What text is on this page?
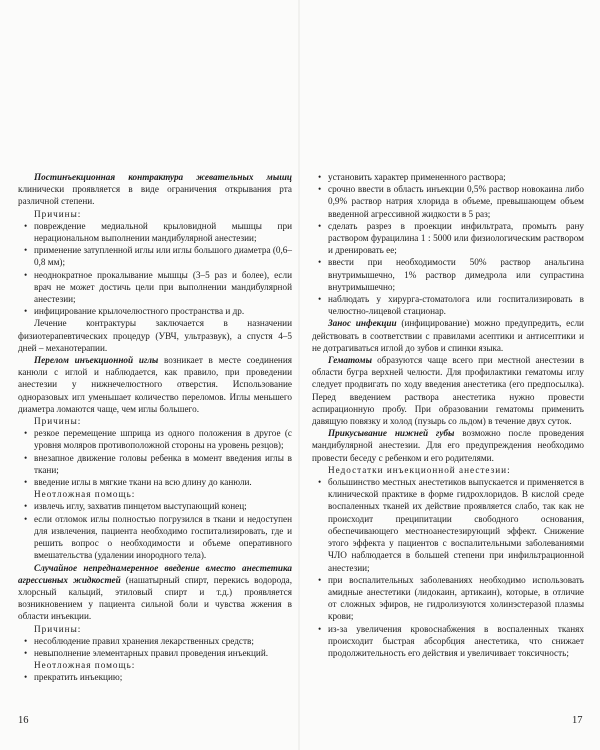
Постинъекционная контрактура жевательных мышц клинически проявляется в виде ограничения открывания рта различной степени.

Причины:

• повреждение медиальной крыловидной мышцы при нерациональном выполнении мандибулярной анестезии;

• применение затупленной иглы или иглы большого диаметра (0,6–0,8 мм);

• неоднократное прокалывание мышцы (3–5 раз и более), если врач не может достичь цели при выполнении мандибулярной анестезии;

• инфицирование крылочелюстного пространства и др.

Лечение контрактуры заключается в назначении физиотерапевтических процедур (УВЧ, ультразвук), а спустя 4–5 дней – механотерапии.

Перелом инъекционной иглы возникает в месте соединения канюли с иглой и наблюдается, как правило, при проведении анестезии у нижнечелюстного отверстия. Использование одноразовых игл уменьшает количество переломов. Иглы меньшего диаметра ломаются чаще, чем иглы большего.

Причины:

• резкое перемещение шприца из одного положения в другое (с уровня моляров противоположной стороны на уровень резцов);

• внезапное движение головы ребенка в момент введения иглы в ткани;

• введение иглы в мягкие ткани на всю длину до канюли.

Неотложная помощь:

• извлечь иглу, захватив пинцетом выступающий конец;

• если отломок иглы полностью погрузился в ткани и недоступен для извлечения, пациента необходимо госпитализировать, где и решить вопрос о необходимости и объеме оперативного вмешательства (удалении инородного тела).

Случайное непреднамеренное введение вместо анестетика агрессивных жидкостей (нашатырный спирт, перекись водорода, хлорсный кальций, этиловый спирт и т.д.) проявляется возникновением у пациента сильной боли и чувства жжения в области инъекции.

Причины:

• несоблюдение правил хранения лекарственных средств;

• невыполнение элементарных правил проведения инъекций.

Неотложная помощь:

• прекратить инъекцию;

• установить характер примененного раствора;

• срочно ввести в область инъекции 0,5% раствор новокаина либо 0,9% раствор натрия хлорида в объеме, превышающем объем введенной агрессивной жидкости в 5 раз;

• сделать разрез в проекции инфильтрата, промыть рану раствором фурацилина 1 : 5000 или физиологическим раствором и дренировать ее;

• ввести при необходимости 50% раствор анальгина внутримышечно, 1% раствор димедрола или супрастина внутримышечно;

• наблюдать у хирурга-стоматолога или госпитализировать в челюстно-лицевой стационар.

Занос инфекции (инфицирование) можно предупредить, если действовать в соответствии с правилами асептики и антисептики и не дотрагиваться иглой до зубов и спинки языка.

Гематомы образуются чаще всего при местной анестезии в области бугра верхней челюсти. Для профилактики гематомы иглу следует продвигать по ходу введения анестетика (его предпосылка). Перед введением раствора анестетика нужно провести аспирационную пробу. При образовании гематомы применить давящую повязку и холод (пузырь со льдом) в течение двух суток.

Прикусывание нижней губы возможно после проведения мандибулярной анестезии. Для его предупреждения необходимо провести беседу с ребенком и его родителями.

Недостатки инъекционной анестезии:

• большинство местных анестетиков выпускается и применяется в клинической практике в форме гидрохлоридов. В кислой среде воспаленных тканей их действие проявляется слабо, так как не происходит преципитации свободного основания, обеспечивающего местноанестезирующий эффект. Снижение этого эффекта у пациентов с воспалительными заболеваниями ЧЛО наблюдается в большей степени при инфильтрационной анестезии;

• при воспалительных заболеваниях необходимо использовать амидные анестетики (лидокаин, артикаин), которые, в отличие от сложных эфиров, не гидролизуются холинэстеразой плазмы крови;

• из-за увеличения кровоснабжения в воспаленных тканях происходит быстрая абсорбция анестетика, что снижает продолжительность его действия и увеличивает токсичность;

16	17
